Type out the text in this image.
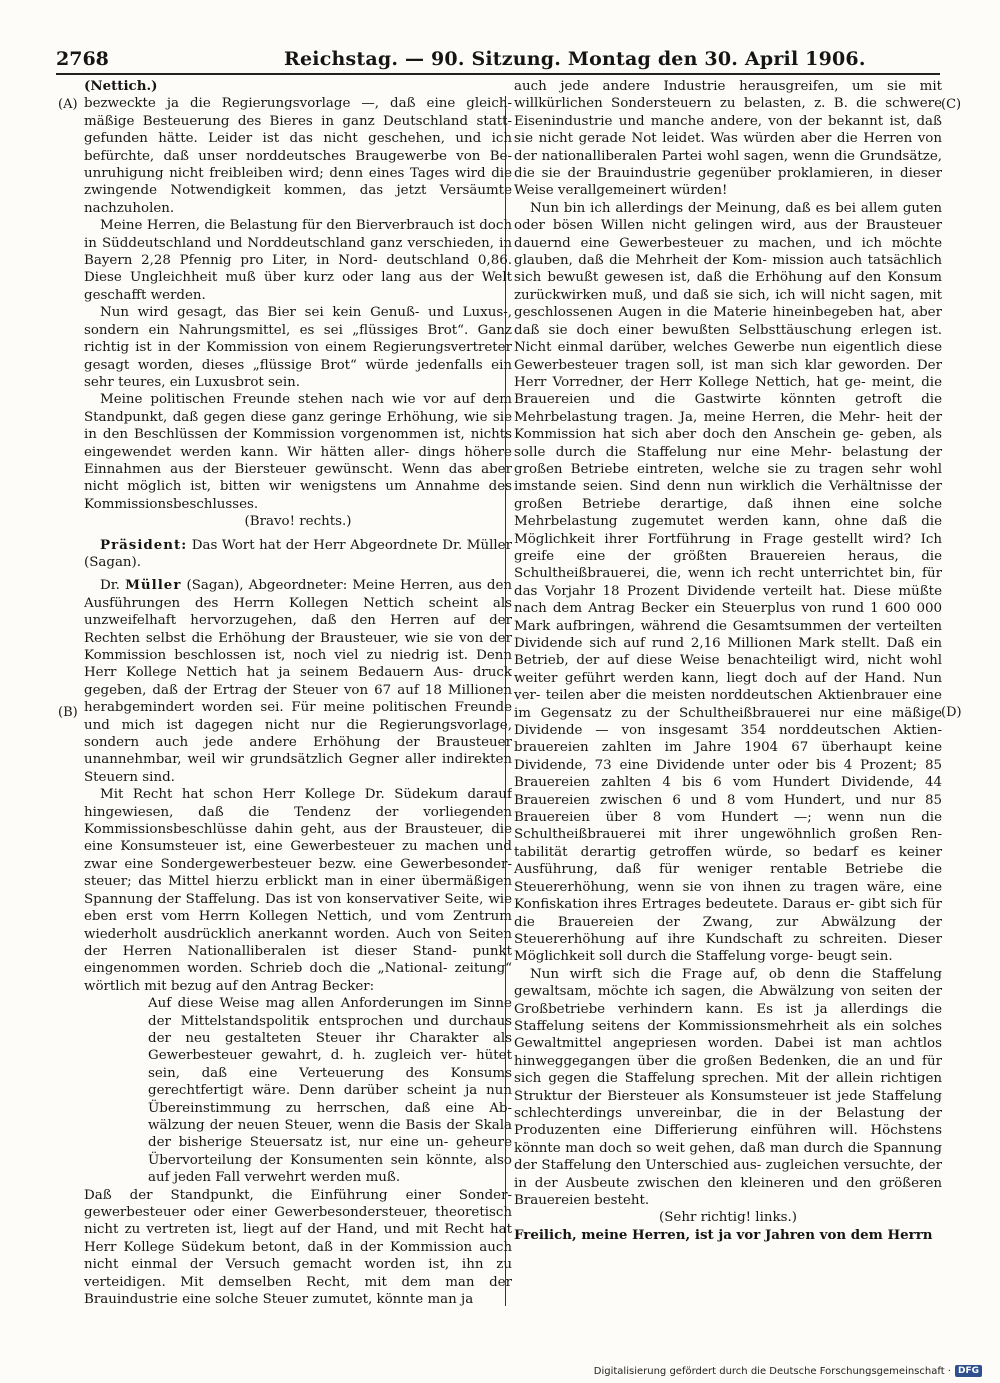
2768	Reichstag. — 90. Sitzung. Montag den 30. April 1906.
(A)
(B)
(C)
(D)

(Nettich.)

bezweckte ja die Regierungsvorlage —, daß eine gleich- mäßige Besteuerung des Bieres in ganz Deutschland statt- gefunden hätte. Leider ist das nicht geschehen, und ich befürchte, daß unser norddeutsches Braugewerbe von Be- unruhigung nicht freibleiben wird; denn eines Tages wird die zwingende Notwendigkeit kommen, das jetzt Versäumte nachzuholen.

Meine Herren, die Belastung für den Bierverbrauch ist doch in Süddeutschland und Norddeutschland ganz verschieden, in Bayern 2,28 Pfennig pro Liter, in Nord- deutschland 0,86. Diese Ungleichheit muß über kurz oder lang aus der Welt geschafft werden.

Nun wird gesagt, das Bier sei kein Genuß- und Luxus-, sondern ein Nahrungsmittel, es sei „flüssiges Brot“. Ganz richtig ist in der Kommission von einem Regierungsvertreter gesagt worden, dieses „flüssige Brot“ würde jedenfalls ein sehr teures, ein Luxusbrot sein.

Meine politischen Freunde stehen nach wie vor auf dem Standpunkt, daß gegen diese ganz geringe Erhöhung, wie sie in den Beschlüssen der Kommission vorgenommen ist, nichts eingewendet werden kann. Wir hätten aller- dings höhere Einnahmen aus der Biersteuer gewünscht. Wenn das aber nicht möglich ist, bitten wir wenigstens um Annahme des Kommissionsbeschlusses.

(Bravo! rechts.)

Präsident: Das Wort hat der Herr Abgeordnete Dr. Müller (Sagan).

Dr. Müller (Sagan), Abgeordneter: Meine Herren, aus den Ausführungen des Herrn Kollegen Nettich scheint als unzweifelhaft hervorzugehen, daß den Herren auf der Rechten selbst die Erhöhung der Brausteuer, wie sie von der Kommission beschlossen ist, noch viel zu niedrig ist. Denn Herr Kollege Nettich hat ja seinem Bedauern Aus- druck gegeben, daß der Ertrag der Steuer von 67 auf 18 Millionen herabgemindert worden sei. Für meine politischen Freunde und mich ist dagegen nicht nur die Regierungsvorlage, sondern auch jede andere Erhöhung der Brausteuer unannehmbar, weil wir grundsätzlich Gegner aller indirekten Steuern sind.

Mit Recht hat schon Herr Kollege Dr. Südekum darauf hingewiesen, daß die Tendenz der vorliegenden Kommissionsbeschlüsse dahin geht, aus der Brausteuer, die eine Konsumsteuer ist, eine Gewerbesteuer zu machen und zwar eine Sondergewerbesteuer bezw. eine Gewerbesonder- steuer; das Mittel hierzu erblickt man in einer übermäßigen Spannung der Staffelung. Das ist von konservativer Seite, wie eben erst vom Herrn Kollegen Nettich, und vom Zentrum wiederholt ausdrücklich anerkannt worden. Auch von Seiten der Herren Nationalliberalen ist dieser Stand- punkt eingenommen worden. Schrieb doch die „National- zeitung“ wörtlich mit bezug auf den Antrag Becker:

Auf diese Weise mag allen Anforderungen im Sinne der Mittelstandspolitik entsprochen und durchaus der neu gestalteten Steuer ihr Charakter als Gewerbesteuer gewahrt, d. h. zugleich ver- hütet sein, daß eine Verteuerung des Konsums gerechtfertigt wäre. Denn darüber scheint ja nun Übereinstimmung zu herrschen, daß eine Ab- wälzung der neuen Steuer, wenn die Basis der Skala der bisherige Steuersatz ist, nur eine un- geheure Übervorteilung der Konsumenten sein könnte, also auf jeden Fall verwehrt werden muß.

Daß der Standpunkt, die Einführung einer Sonder- gewerbesteuer oder einer Gewerbesondersteuer, theoretisch nicht zu vertreten ist, liegt auf der Hand, und mit Recht hat Herr Kollege Südekum betont, daß in der Kommission auch nicht einmal der Versuch gemacht worden ist, ihn zu verteidigen. Mit demselben Recht, mit dem man der Brauindustrie eine solche Steuer zumutet, könnte man ja

auch jede andere Industrie herausgreifen, um sie mit willkürlichen Sondersteuern zu belasten, z. B. die schwere Eisenindustrie und manche andere, von der bekannt ist, daß sie nicht gerade Not leidet. Was würden aber die Herren von der nationalliberalen Partei wohl sagen, wenn die Grundsätze, die sie der Brauindustrie gegenüber proklamieren, in dieser Weise verallgemeinert würden!

Nun bin ich allerdings der Meinung, daß es bei allem guten oder bösen Willen nicht gelingen wird, aus der Brausteuer dauernd eine Gewerbesteuer zu machen, und ich möchte glauben, daß die Mehrheit der Kom- mission auch tatsächlich sich bewußt gewesen ist, daß die Erhöhung auf den Konsum zurückwirken muß, und daß sie sich, ich will nicht sagen, mit geschlossenen Augen in die Materie hineinbegeben hat, aber daß sie doch einer bewußten Selbsttäuschung erlegen ist. Nicht einmal darüber, welches Gewerbe nun eigentlich diese Gewerbesteuer tragen soll, ist man sich klar geworden. Der Herr Vorredner, der Herr Kollege Nettich, hat ge- meint, die Brauereien und die Gastwirte könnten getroft die Mehrbelastung tragen. Ja, meine Herren, die Mehr- heit der Kommission hat sich aber doch den Anschein ge- geben, als solle durch die Staffelung nur eine Mehr- belastung der großen Betriebe eintreten, welche sie zu tragen sehr wohl imstande seien. Sind denn nun wirklich die Verhältnisse der großen Betriebe derartige, daß ihnen eine solche Mehrbelastung zugemutet werden kann, ohne daß die Möglichkeit ihrer Fortführung in Frage gestellt wird? Ich greife eine der größten Brauereien heraus, die Schultheißbrauerei, die, wenn ich recht unterrichtet bin, für das Vorjahr 18 Prozent Dividende verteilt hat. Diese müßte nach dem Antrag Becker ein Steuerplus von rund 1 600 000 Mark aufbringen, während die Gesamtsummen der verteilten Dividende sich auf rund 2,16 Millionen Mark stellt. Daß ein Betrieb, der auf diese Weise benachteiligt wird, nicht wohl weiter geführt werden kann, liegt doch auf der Hand. Nun ver- teilen aber die meisten norddeutschen Aktienbrauer eine im Gegensatz zu der Schultheißbrauerei nur eine mäßige Dividende — von insgesamt 354 norddeutschen Aktien- brauereien zahlten im Jahre 1904 67 überhaupt keine Dividende, 73 eine Dividende unter oder bis 4 Prozent; 85 Brauereien zahlten 4 bis 6 vom Hundert Dividende, 44 Brauereien zwischen 6 und 8 vom Hundert, und nur 85 Brauereien über 8 vom Hundert —; wenn nun die Schultheißbrauerei mit ihrer ungewöhnlich großen Ren- tabilität derartig getroffen würde, so bedarf es keiner Ausführung, daß für weniger rentable Betriebe die Steuererhöhung, wenn sie von ihnen zu tragen wäre, eine Konfiskation ihres Ertrages bedeutete. Daraus er- gibt sich für die Brauereien der Zwang, zur Abwälzung der Steuererhöhung auf ihre Kundschaft zu schreiten. Dieser Möglichkeit soll durch die Staffelung vorge- beugt sein.

Nun wirft sich die Frage auf, ob denn die Staffelung gewaltsam, möchte ich sagen, die Abwälzung von seiten der Großbetriebe verhindern kann. Es ist ja allerdings die Staffelung seitens der Kommissionsmehrheit als ein solches Gewaltmittel angepriesen worden. Dabei ist man achtlos hinweggegangen über die großen Bedenken, die an und für sich gegen die Staffelung sprechen. Mit der allein richtigen Struktur der Biersteuer als Konsumsteuer ist jede Staffelung schlechterdings unvereinbar, die in der Belastung der Produzenten eine Differierung einführen will. Höchstens könnte man doch so weit gehen, daß man durch die Spannung der Staffelung den Unterschied aus- zugleichen versuchte, der in der Ausbeute zwischen den kleineren und den größeren Brauereien besteht.

(Sehr richtig! links.)

Freilich, meine Herren, ist ja vor Jahren von dem Herrn

Digitalisierung gefördert durch die Deutsche Forschungsgemeinschaft · DFG
